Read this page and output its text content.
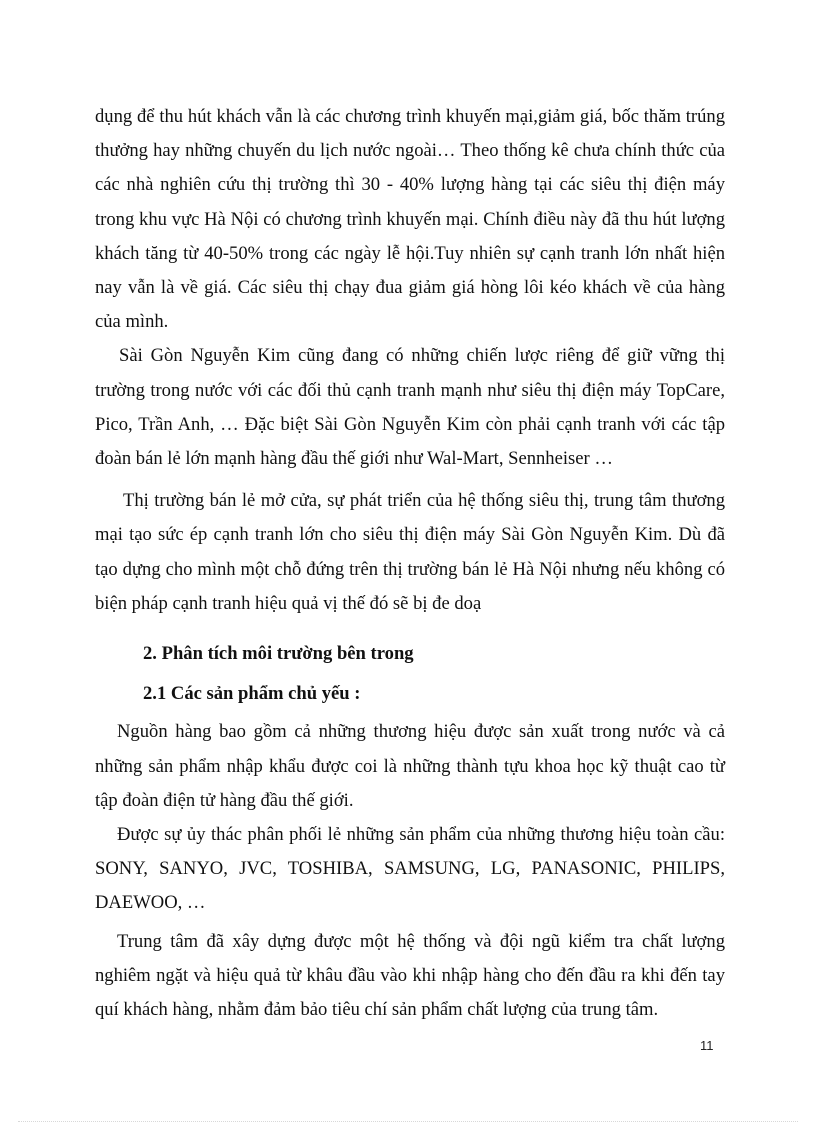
dụng để thu hút khách vẫn là các chương trình khuyến mại,giảm giá, bốc thăm trúng thưởng hay những chuyến du lịch nước ngoài… Theo thống kê chưa chính thức của các nhà nghiên cứu thị trường thì 30 - 40% lượng hàng tại các siêu thị điện máy trong khu vực Hà Nội có chương trình khuyến mại. Chính điều này đã thu hút lượng khách tăng từ 40-50% trong các ngày lễ hội.Tuy nhiên sự cạnh tranh lớn nhất hiện nay vẫn là về giá. Các siêu thị chạy đua giảm giá hòng lôi kéo khách về của hàng của mình.

Sài Gòn Nguyễn Kim cũng đang có những chiến lược riêng để giữ vững thị trường trong nước với các đối thủ cạnh tranh mạnh như siêu thị điện máy TopCare, Pico, Trần Anh, … Đặc biệt Sài Gòn Nguyễn Kim còn phải cạnh tranh với các tập đoàn bán lẻ lớn mạnh hàng đầu thế giới như Wal-Mart, Sennheiser …

Thị trường bán lẻ mở cửa, sự phát triển của hệ thống siêu thị, trung tâm thương mại tạo sức ép cạnh tranh lớn cho siêu thị điện máy Sài Gòn Nguyễn Kim. Dù đã tạo dựng cho mình một chỗ đứng trên thị trường bán lẻ Hà Nội nhưng nếu không có biện pháp cạnh tranh hiệu quả vị thế đó sẽ bị đe doạ

2. Phân tích môi trường bên trong

2.1 Các sản phẩm chủ yếu :

Nguồn hàng bao gồm cả những thương hiệu được sản xuất trong nước và cả những sản phẩm nhập khẩu được coi là những thành tựu khoa học kỹ thuật cao từ tập đoàn điện tử hàng đầu thế giới.

Được sự ủy thác phân phối lẻ những sản phẩm của những thương hiệu toàn cầu: SONY, SANYO, JVC, TOSHIBA, SAMSUNG, LG, PANASONIC, PHILIPS, DAEWOO, …

Trung tâm đã xây dựng được một hệ thống và đội ngũ kiểm tra chất lượng nghiêm ngặt và hiệu quả từ khâu đầu vào khi nhập hàng cho đến đầu ra khi đến tay quí khách hàng, nhằm đảm bảo tiêu chí sản phẩm chất lượng của trung tâm.

11
